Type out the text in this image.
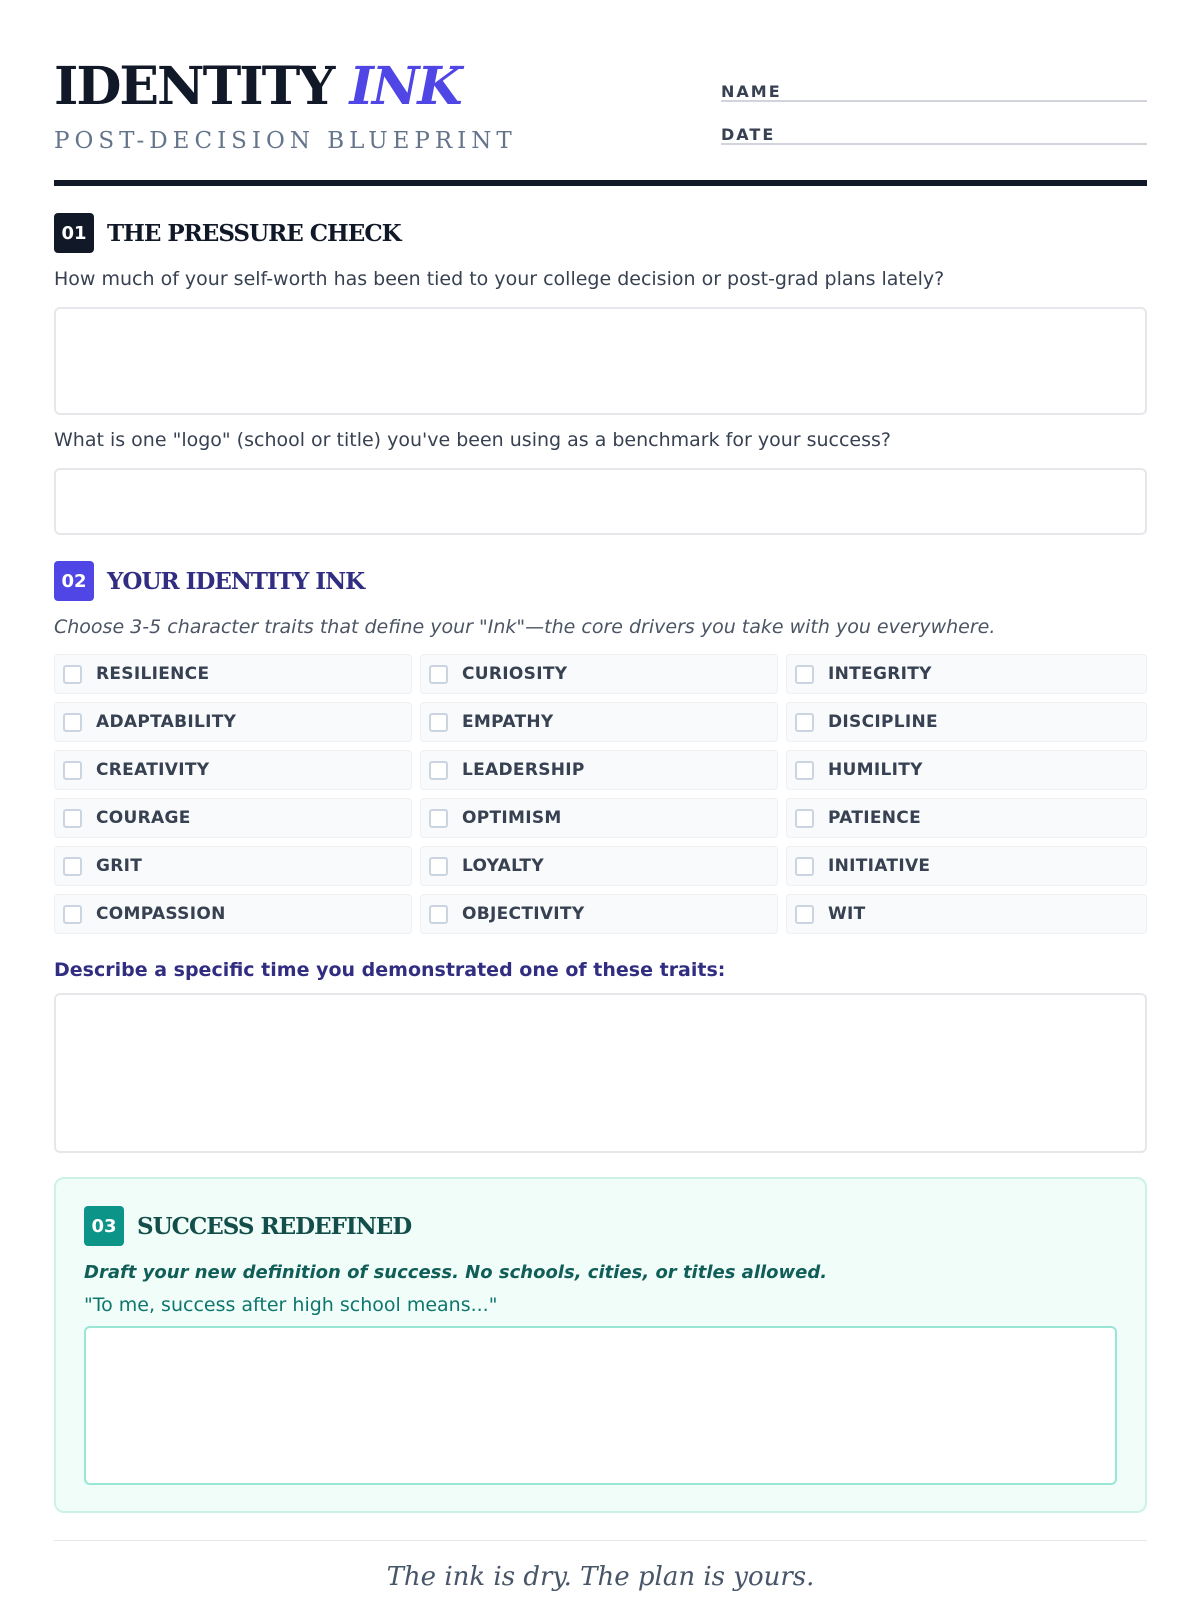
IDENTITY INK
POST-DECISION BLUEPRINT
NAME
DATE
01 THE PRESSURE CHECK
How much of your self-worth has been tied to your college decision or post-grad plans lately?
What is one "logo" (school or title) you've been using as a benchmark for your success?
02 YOUR IDENTITY INK
Choose 3-5 character traits that define your "Ink"—the core drivers you take with you everywhere.
RESILIENCE	CURIOSITY	INTEGRITY
ADAPTABILITY	EMPATHY	DISCIPLINE
CREATIVITY	LEADERSHIP	HUMILITY
COURAGE	OPTIMISM	PATIENCE
GRIT	LOYALTY	INITIATIVE
COMPASSION	OBJECTIVITY	WIT
Describe a specific time you demonstrated one of these traits:
03 SUCCESS REDEFINED
Draft your new definition of success. No schools, cities, or titles allowed.
"To me, success after high school means..."
The ink is dry. The plan is yours.
